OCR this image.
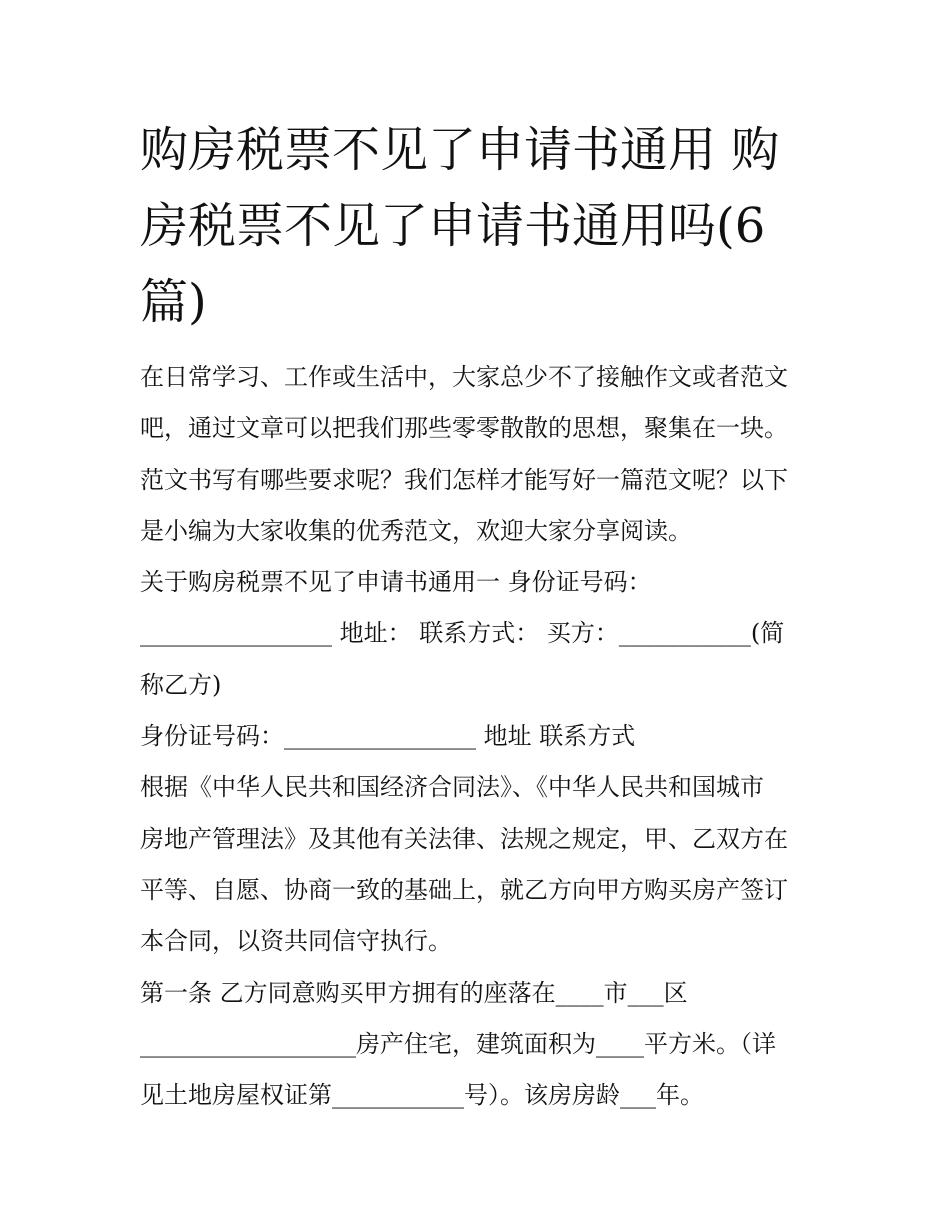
购房税票不见了申请书通用 购
房税票不见了申请书通用吗(6
篇)
在日常学习、工作或生活中，大家总少不了接触作文或者范文
吧，通过文章可以把我们那些零零散散的思想，聚集在一块。
范文书写有哪些要求呢？我们怎样才能写好一篇范文呢？以下
是小编为大家收集的优秀范文，欢迎大家分享阅读。
关于购房税票不见了申请书通用一 身份证号码：
________________ 地址： 联系方式： 买方：___________(简
称乙方)
身份证号码：________________ 地址 联系方式
根据《中华人民共和国经济合同法》、《中华人民共和国城市
房地产管理法》及其他有关法律、法规之规定，甲、乙双方在
平等、自愿、协商一致的基础上，就乙方向甲方购买房产签订
本合同，以资共同信守执行。
第一条 乙方同意购买甲方拥有的座落在____市___区
__________________房产住宅，建筑面积为____平方米。（详
见土地房屋权证第___________号）。该房房龄___年。
